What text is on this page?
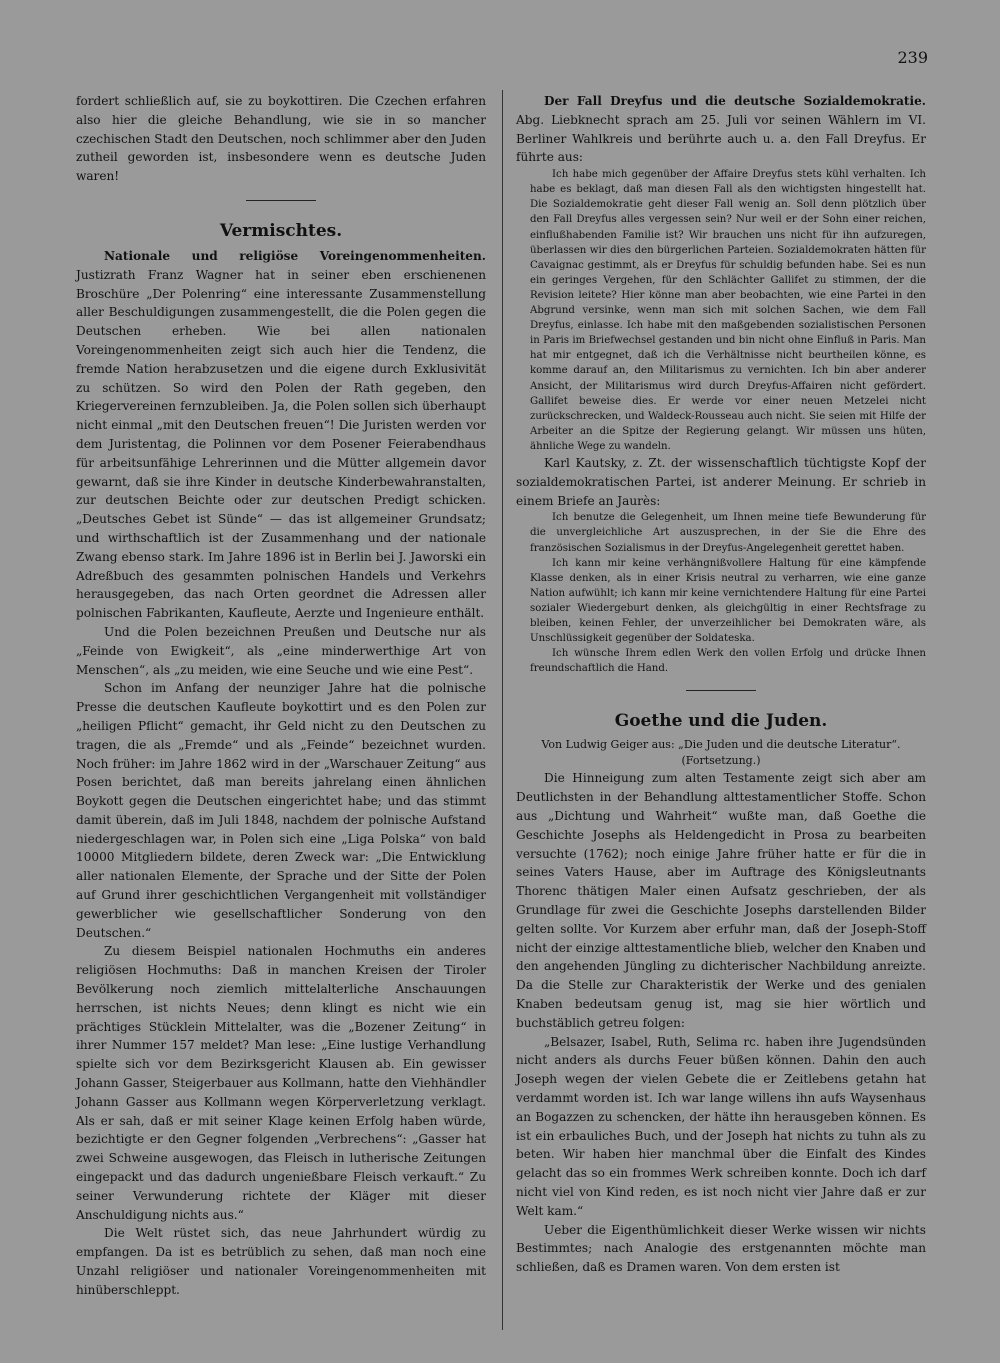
239

fordert schließlich auf, sie zu boykottiren. Die Czechen erfahren also hier die gleiche Behandlung, wie sie in so mancher czechischen Stadt den Deutschen, noch schlimmer aber den Juden zutheil geworden ist, insbesondere wenn es deutsche Juden waren!

Vermischtes.

Nationale und religiöse Voreingenommenheiten. Justizrath Franz Wagner hat in seiner eben erschienenen Broschüre „Der Polenring“ eine interessante Zusammenstellung aller Beschuldigungen zusammengestellt, die die Polen gegen die Deutschen erheben. Wie bei allen nationalen Voreingenommenheiten zeigt sich auch hier die Tendenz, die fremde Nation herabzusetzen und die eigene durch Exklusivität zu schützen. So wird den Polen der Rath gegeben, den Kriegervereinen fernzubleiben. Ja, die Polen sollen sich überhaupt nicht einmal „mit den Deutschen freuen“! Die Juristen werden vor dem Juristentag, die Polinnen vor dem Posener Feierabendhaus für arbeitsunfähige Lehrerinnen und die Mütter allgemein davor gewarnt, daß sie ihre Kinder in deutsche Kinderbewahranstalten, zur deutschen Beichte oder zur deutschen Predigt schicken. „Deutsches Gebet ist Sünde“ — das ist allgemeiner Grundsatz; und wirthschaftlich ist der Zusammenhang und der nationale Zwang ebenso stark. Im Jahre 1896 ist in Berlin bei J. Jaworski ein Adreßbuch des gesammten polnischen Handels und Verkehrs herausgegeben, das nach Orten geordnet die Adressen aller polnischen Fabrikanten, Kaufleute, Aerzte und Ingenieure enthält.

Und die Polen bezeichnen Preußen und Deutsche nur als „Feinde von Ewigkeit“, als „eine minderwerthige Art von Menschen“, als „zu meiden, wie eine Seuche und wie eine Pest“.

Schon im Anfang der neunziger Jahre hat die polnische Presse die deutschen Kaufleute boykottirt und es den Polen zur „heiligen Pflicht“ gemacht, ihr Geld nicht zu den Deutschen zu tragen, die als „Fremde“ und als „Feinde“ bezeichnet wurden. Noch früher: im Jahre 1862 wird in der „Warschauer Zeitung“ aus Posen berichtet, daß man bereits jahrelang einen ähnlichen Boykott gegen die Deutschen eingerichtet habe; und das stimmt damit überein, daß im Juli 1848, nachdem der polnische Aufstand niedergeschlagen war, in Polen sich eine „Liga Polska“ von bald 10000 Mitgliedern bildete, deren Zweck war: „Die Entwicklung aller nationalen Elemente, der Sprache und der Sitte der Polen auf Grund ihrer geschichtlichen Vergangenheit mit vollständiger gewerblicher wie gesellschaftlicher Sonderung von den Deutschen.“

Zu diesem Beispiel nationalen Hochmuths ein anderes religiösen Hochmuths: Daß in manchen Kreisen der Tiroler Bevölkerung noch ziemlich mittelalterliche Anschauungen herrschen, ist nichts Neues; denn klingt es nicht wie ein prächtiges Stücklein Mittelalter, was die „Bozener Zeitung“ in ihrer Nummer 157 meldet? Man lese: „Eine lustige Verhandlung spielte sich vor dem Bezirksgericht Klausen ab. Ein gewisser Johann Gasser, Steigerbauer aus Kollmann, hatte den Viehhändler Johann Gasser aus Kollmann wegen Körperverletzung verklagt. Als er sah, daß er mit seiner Klage keinen Erfolg haben würde, bezichtigte er den Gegner folgenden „Verbrechens“: „Gasser hat zwei Schweine ausgewogen, das Fleisch in lutherische Zeitungen eingepackt und das dadurch ungenießbare Fleisch verkauft.“ Zu seiner Verwunderung richtete der Kläger mit dieser Anschuldigung nichts aus.“

Die Welt rüstet sich, das neue Jahrhundert würdig zu empfangen. Da ist es betrüblich zu sehen, daß man noch eine Unzahl religiöser und nationaler Voreingenommenheiten mit hinüberschleppt.

Der Fall Dreyfus und die deutsche Sozialdemokratie. Abg. Liebknecht sprach am 25. Juli vor seinen Wählern im VI. Berliner Wahlkreis und berührte auch u. a. den Fall Dreyfus. Er führte aus:

Ich habe mich gegenüber der Affaire Dreyfus stets kühl verhalten. Ich habe es beklagt, daß man diesen Fall als den wichtigsten hingestellt hat. Die Sozialdemokratie geht dieser Fall wenig an. Soll denn plötzlich über den Fall Dreyfus alles vergessen sein? Nur weil er der Sohn einer reichen, einflußhabenden Familie ist? Wir brauchen uns nicht für ihn aufzuregen, überlassen wir dies den bürgerlichen Parteien. Sozialdemokraten hätten für Cavaignac gestimmt, als er Dreyfus für schuldig befunden habe. Sei es nun ein geringes Vergehen, für den Schlächter Gallifet zu stimmen, der die Revision leitete? Hier könne man aber beobachten, wie eine Partei in den Abgrund versinke, wenn man sich mit solchen Sachen, wie dem Fall Dreyfus, einlasse. Ich habe mit den maßgebenden sozialistischen Personen in Paris im Briefwechsel gestanden und bin nicht ohne Einfluß in Paris. Man hat mir entgegnet, daß ich die Verhältnisse nicht beurtheilen könne, es komme darauf an, den Militarismus zu vernichten. Ich bin aber anderer Ansicht, der Militarismus wird durch Dreyfus-Affairen nicht gefördert. Gallifet beweise dies. Er werde vor einer neuen Metzelei nicht zurückschrecken, und Waldeck-Rousseau auch nicht. Sie seien mit Hilfe der Arbeiter an die Spitze der Regierung gelangt. Wir müssen uns hüten, ähnliche Wege zu wandeln.

Karl Kautsky, z. Zt. der wissenschaftlich tüchtigste Kopf der sozialdemokratischen Partei, ist anderer Meinung. Er schrieb in einem Briefe an Jaurès:

Ich benutze die Gelegenheit, um Ihnen meine tiefe Bewunderung für die unvergleichliche Art auszusprechen, in der Sie die Ehre des französischen Sozialismus in der Dreyfus-Angelegenheit gerettet haben.

Ich kann mir keine verhängnißvollere Haltung für eine kämpfende Klasse denken, als in einer Krisis neutral zu verharren, wie eine ganze Nation aufwühlt; ich kann mir keine vernichtendere Haltung für eine Partei sozialer Wiedergeburt denken, als gleichgültig in einer Rechtsfrage zu bleiben, keinen Fehler, der unverzeihlicher bei Demokraten wäre, als Unschlüssigkeit gegenüber der Soldateska.

Ich wünsche Ihrem edlen Werk den vollen Erfolg und drücke Ihnen freundschaftlich die Hand.

Goethe und die Juden.
Von Ludwig Geiger aus: „Die Juden und die deutsche Literatur“.
(Fortsetzung.)

Die Hinneigung zum alten Testamente zeigt sich aber am Deutlichsten in der Behandlung alttestamentlicher Stoffe. Schon aus „Dichtung und Wahrheit“ wußte man, daß Goethe die Geschichte Josephs als Heldengedicht in Prosa zu bearbeiten versuchte (1762); noch einige Jahre früher hatte er für die in seines Vaters Hause, aber im Auftrage des Königsleutnants Thorenc thätigen Maler einen Aufsatz geschrieben, der als Grundlage für zwei die Geschichte Josephs darstellenden Bilder gelten sollte. Vor Kurzem aber erfuhr man, daß der Joseph-Stoff nicht der einzige alttestamentliche blieb, welcher den Knaben und den angehenden Jüngling zu dichterischer Nachbildung anreizte. Da die Stelle zur Charakteristik der Werke und des genialen Knaben bedeutsam genug ist, mag sie hier wörtlich und buchstäblich getreu folgen:

„Belsazer, Isabel, Ruth, Selima rc. haben ihre Jugendsünden nicht anders als durchs Feuer büßen können. Dahin den auch Joseph wegen der vielen Gebete die er Zeitlebens getahn hat verdammt worden ist. Ich war lange willens ihn aufs Waysenhaus an Bogazzen zu schencken, der hätte ihn herausgeben können. Es ist ein erbauliches Buch, und der Joseph hat nichts zu tuhn als zu beten. Wir haben hier manchmal über die Einfalt des Kindes gelacht das so ein frommes Werk schreiben konnte. Doch ich darf nicht viel von Kind reden, es ist noch nicht vier Jahre daß er zur Welt kam.“

Ueber die Eigenthümlichkeit dieser Werke wissen wir nichts Bestimmtes; nach Analogie des erstgenannten möchte man schließen, daß es Dramen waren. Von dem ersten ist
